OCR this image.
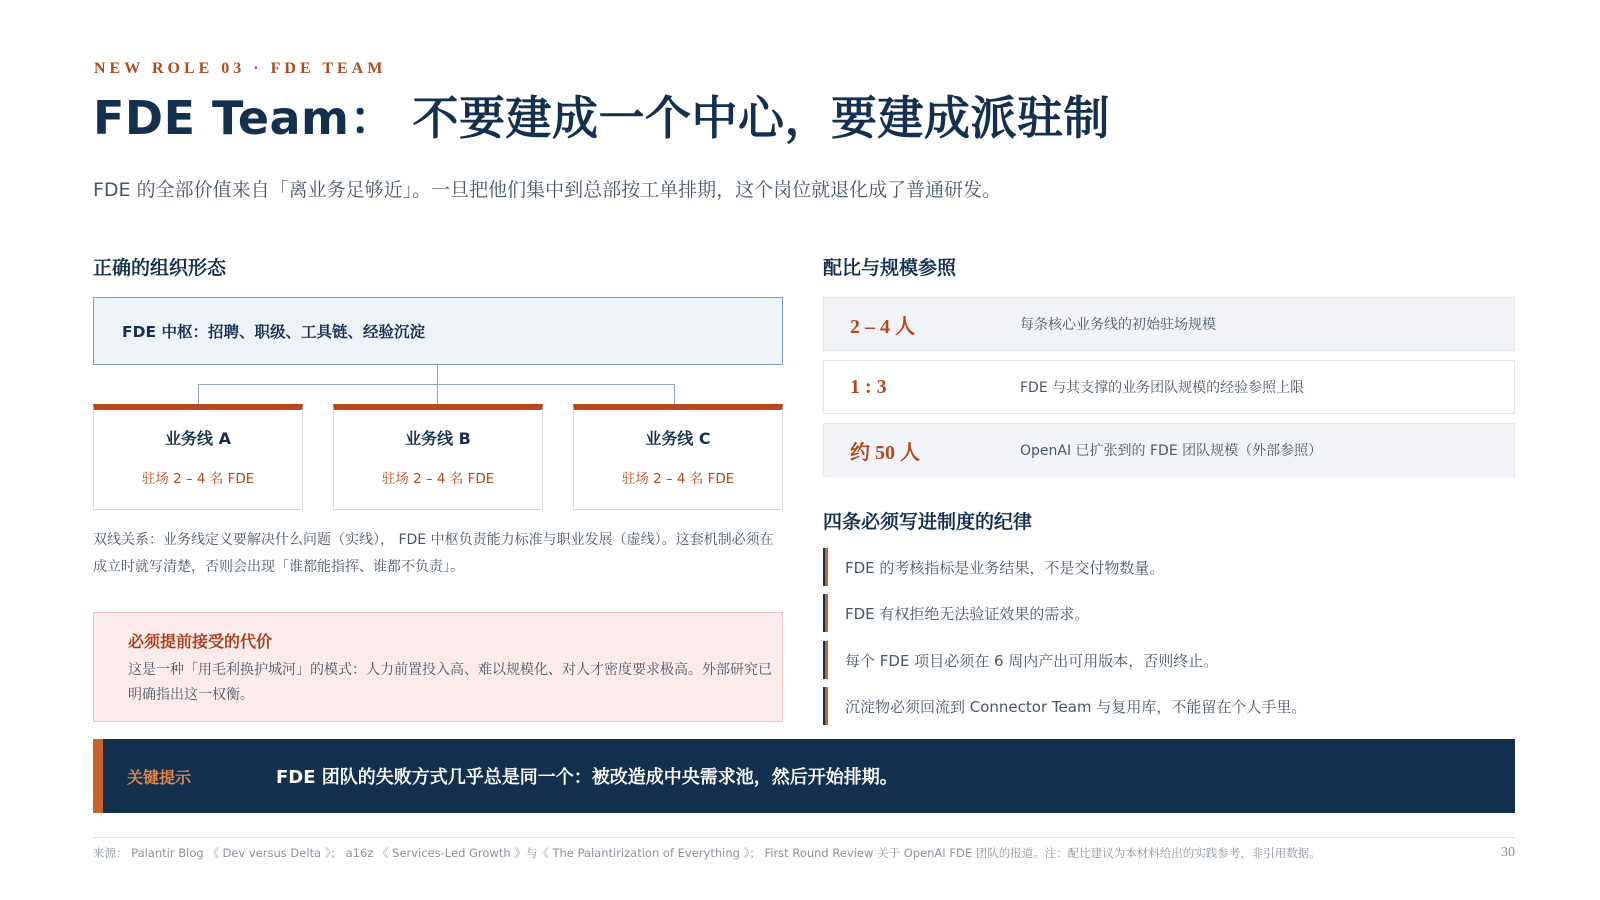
NEW ROLE 03 · FDE TEAM
FDE Team： 不要建成一个中心，要建成派驻制

FDE 的全部价值来自「离业务足够近」。一旦把他们集中到总部按工单排期，这个岗位就退化成了普通研发。

正确的组织形态
FDE 中枢：招聘、职级、工具链、经验沉淀
业务线 A
驻场 2 – 4 名 FDE
业务线 B
驻场 2 – 4 名 FDE
业务线 C
驻场 2 – 4 名 FDE

双线关系：业务线定义要解决什么问题（实线）， FDE 中枢负责能力标准与职业发展（虚线）。这套机制必须在成立时就写清楚，否则会出现「谁都能指挥、谁都不负责」。

必须提前接受的代价

这是一种「用毛利换护城河」的模式：人力前置投入高、难以规模化、对人才密度要求极高。外部研究已明确指出这一权衡。

配比与规模参照
2 – 4 人	每条核心业务线的初始驻场规模
1 : 3	FDE 与其支撑的业务团队规模的经验参照上限
约 50 人	OpenAI 已扩张到的 FDE 团队规模（外部参照）
四条必须写进制度的纪律
FDE 的考核指标是业务结果，不是交付物数量。
FDE 有权拒绝无法验证效果的需求。
每个 FDE 项目必须在 6 周内产出可用版本，否则终止。
沉淀物必须回流到 Connector Team 与复用库，不能留在个人手里。
关键提示	FDE 团队的失败方式几乎总是同一个：被改造成中央需求池，然后开始排期。

来源： Palantir Blog 《 Dev versus Delta 》； a16z 《 Services-Led Growth 》与《 The Palantirization of Everything 》； First Round Review 关于 OpenAI FDE 团队的报道。注：配比建议为本材料给出的实践参考，非引用数据。	30
